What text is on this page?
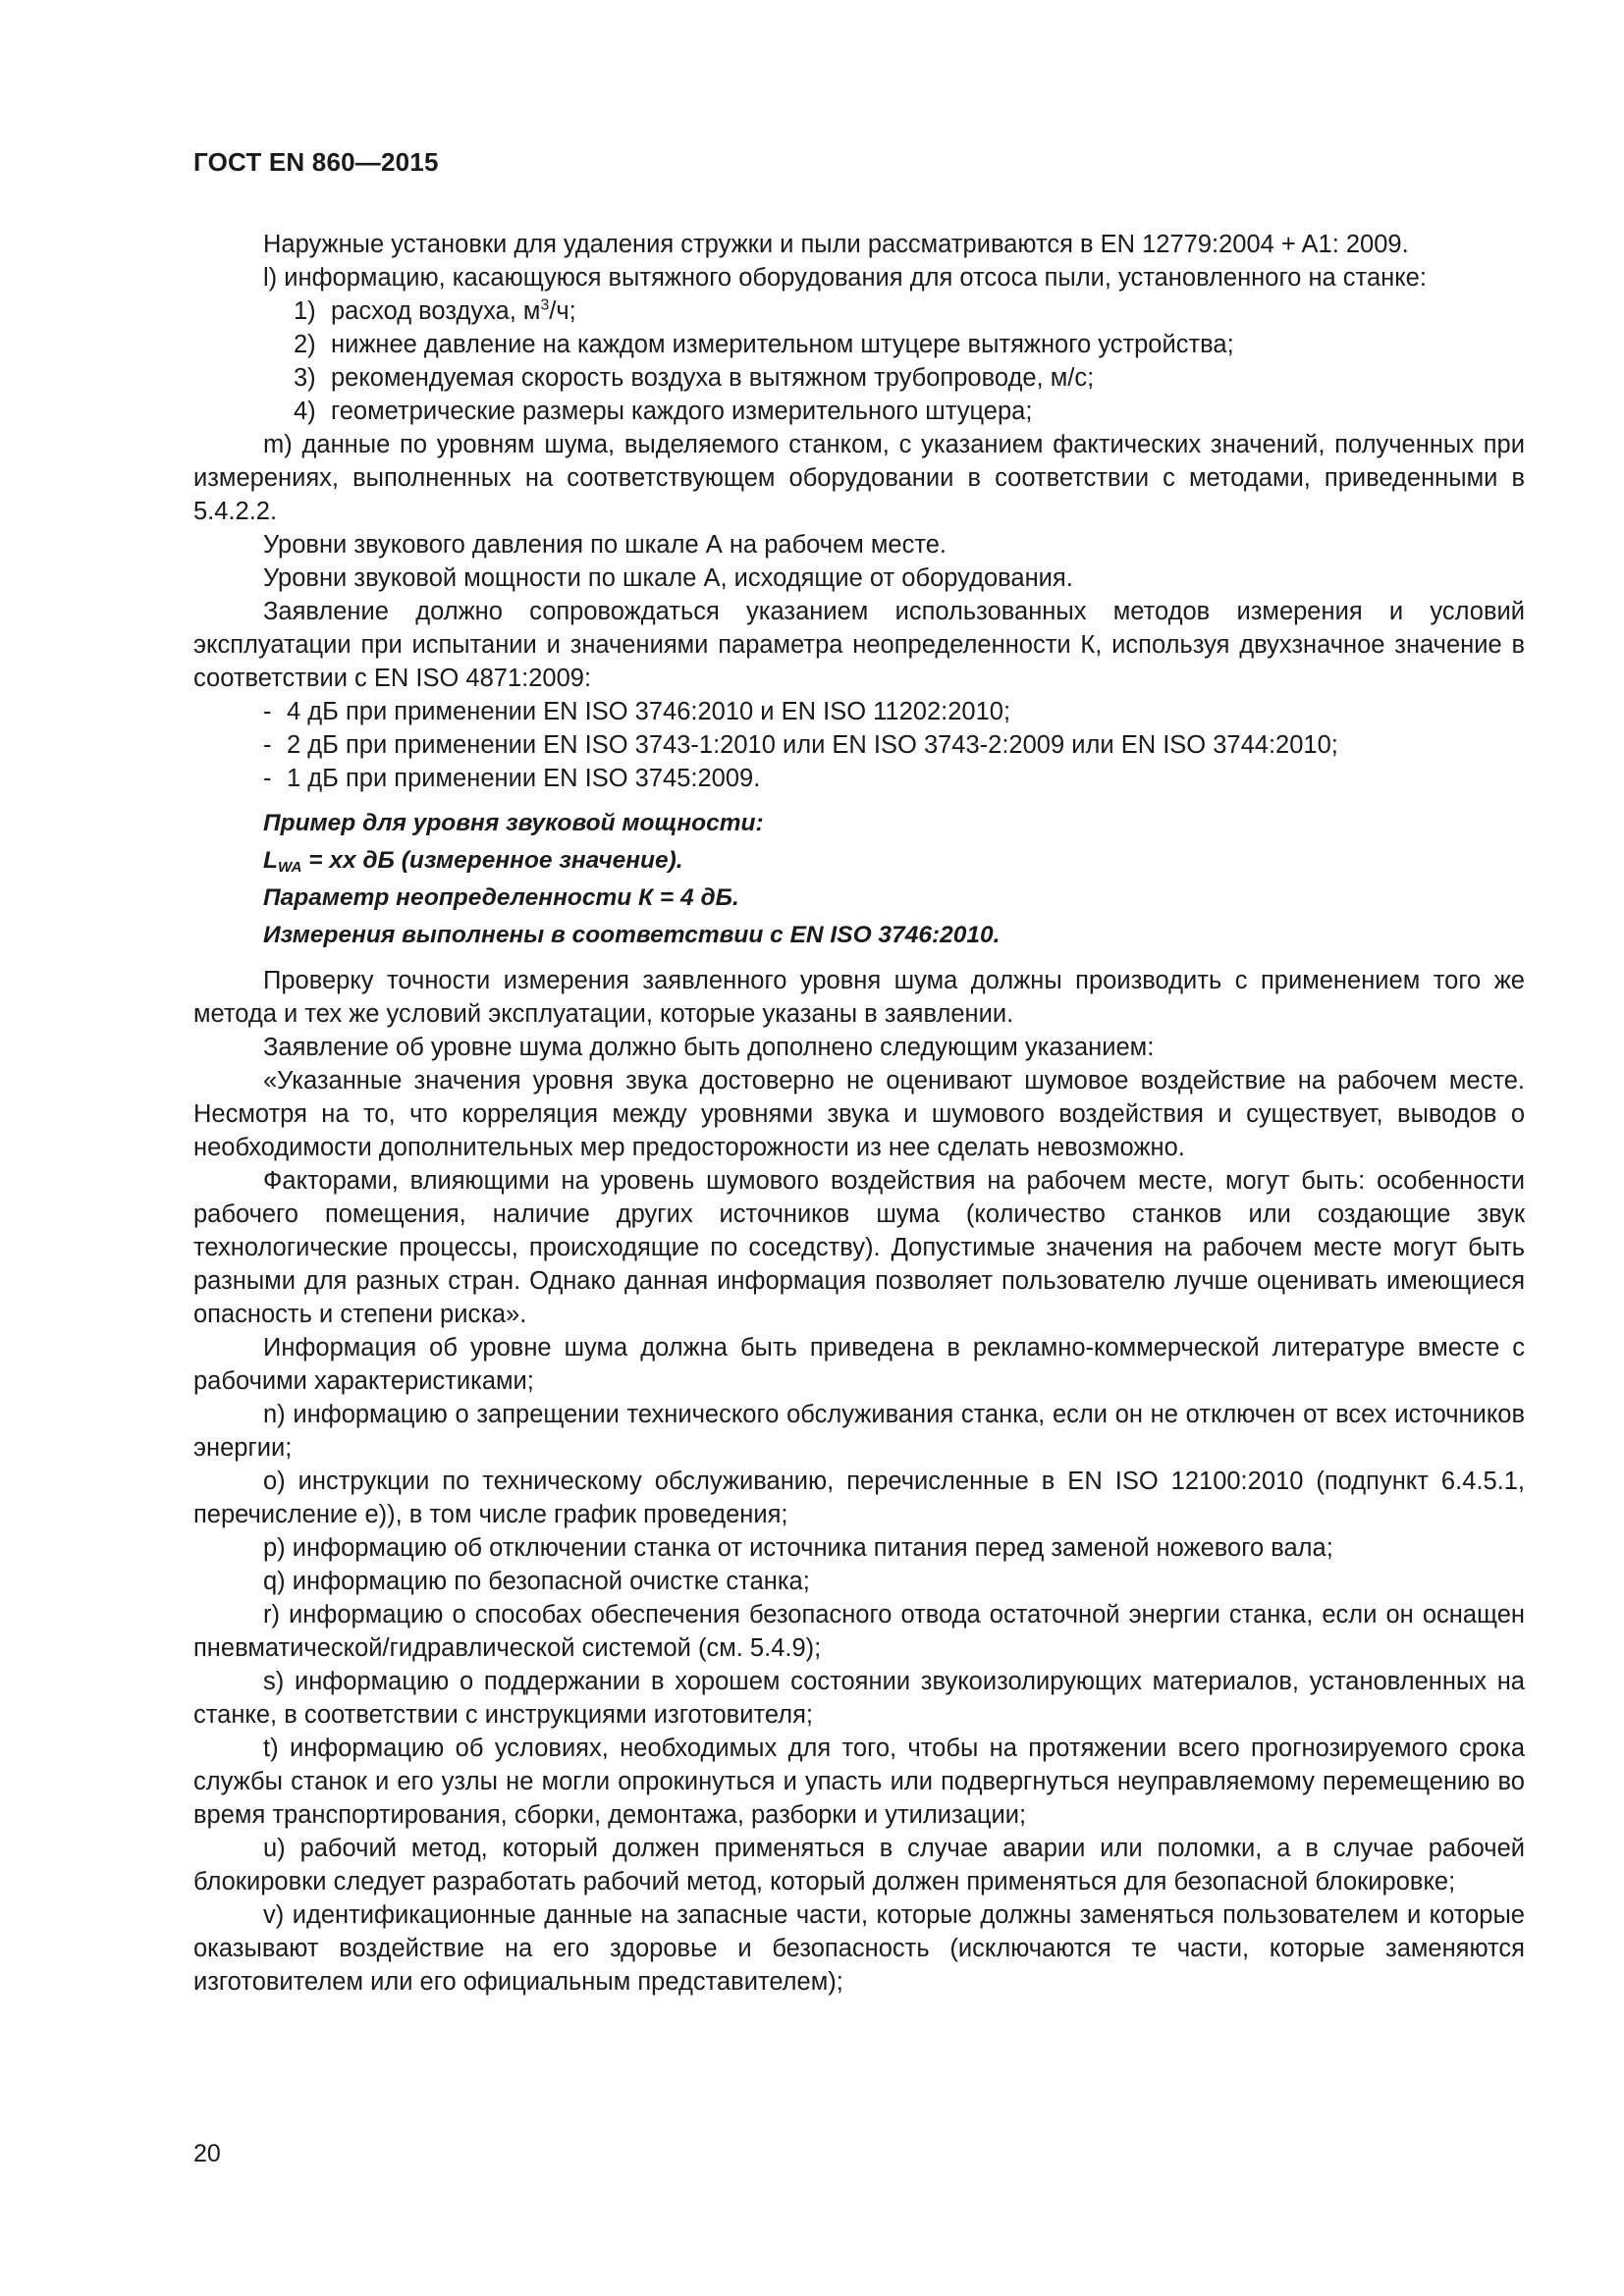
ГОСТ EN 860—2015

Наружные установки для удаления стружки и пыли рассматриваются в EN 12779:2004 + A1: 2009.

l) информацию, касающуюся вытяжного оборудования для отсоса пыли, установленного на станке:

1) расход воздуха, $м^3/ч$;

2) нижнее давление на каждом измерительном штуцере вытяжного устройства;

3) рекомендуемая скорость воздуха в вытяжном трубопроводе, м/с;

4) геометрические размеры каждого измерительного штуцера;

m) данные по уровням шума, выделяемого станком, с указанием фактических значений, полученных при измерениях, выполненных на соответствующем оборудовании в соответствии с методами, приведенными в 5.4.2.2.

Уровни звукового давления по шкале А на рабочем месте.

Уровни звуковой мощности по шкале А, исходящие от оборудования.

Заявление должно сопровождаться указанием использованных методов измерения и условий эксплуатации при испытании и значениями параметра неопределенности К, используя двухзначное значение в соответствии с EN ISO 4871:2009:

- 4 дБ при применении EN ISO 3746:2010 и EN ISO 11202:2010;

- 2 дБ при применении EN ISO 3743-1:2010 или EN ISO 3743-2:2009 или EN ISO 3744:2010;

- 1 дБ при применении EN ISO 3745:2009.

Пример для уровня звуковой мощности:

$L_{WA}$ = хх дБ (измеренное значение).

Параметр неопределенности К = 4 дБ.

Измерения выполнены в соответствии с EN ISO 3746:2010.

Проверку точности измерения заявленного уровня шума должны производить с применением того же метода и тех же условий эксплуатации, которые указаны в заявлении.

Заявление об уровне шума должно быть дополнено следующим указанием:

«Указанные значения уровня звука достоверно не оценивают шумовое воздействие на рабочем месте. Несмотря на то, что корреляция между уровнями звука и шумового воздействия и существует, выводов о необходимости дополнительных мер предосторожности из нее сделать невозможно.

Факторами, влияющими на уровень шумового воздействия на рабочем месте, могут быть: особенности рабочего помещения, наличие других источников шума (количество станков или создающие звук технологические процессы, происходящие по соседству). Допустимые значения на рабочем месте могут быть разными для разных стран. Однако данная информация позволяет пользователю лучше оценивать имеющиеся опасность и степени риска».

Информация об уровне шума должна быть приведена в рекламно-коммерческой литературе вместе с рабочими характеристиками;

n) информацию о запрещении технического обслуживания станка, если он не отключен от всех источников энергии;

o) инструкции по техническому обслуживанию, перечисленные в EN ISO 12100:2010 (подпункт 6.4.5.1, перечисление е)), в том числе график проведения;

p) информацию об отключении станка от источника питания перед заменой ножевого вала;

q) информацию по безопасной очистке станка;

r) информацию о способах обеспечения безопасного отвода остаточной энергии станка, если он оснащен пневматической/гидравлической системой (см. 5.4.9);

s) информацию о поддержании в хорошем состоянии звукоизолирующих материалов, установленных на станке, в соответствии с инструкциями изготовителя;

t) информацию об условиях, необходимых для того, чтобы на протяжении всего прогнозируемого срока службы станок и его узлы не могли опрокинуться и упасть или подвергнуться неуправляемому перемещению во время транспортирования, сборки, демонтажа, разборки и утилизации;

u) рабочий метод, который должен применяться в случае аварии или поломки, а в случае рабочей блокировки следует разработать рабочий метод, который должен применяться для безопасной блокировке;

v) идентификационные данные на запасные части, которые должны заменяться пользователем и которые оказывают воздействие на его здоровье и безопасность (исключаются те части, которые заменяются изготовителем или его официальным представителем);

20
